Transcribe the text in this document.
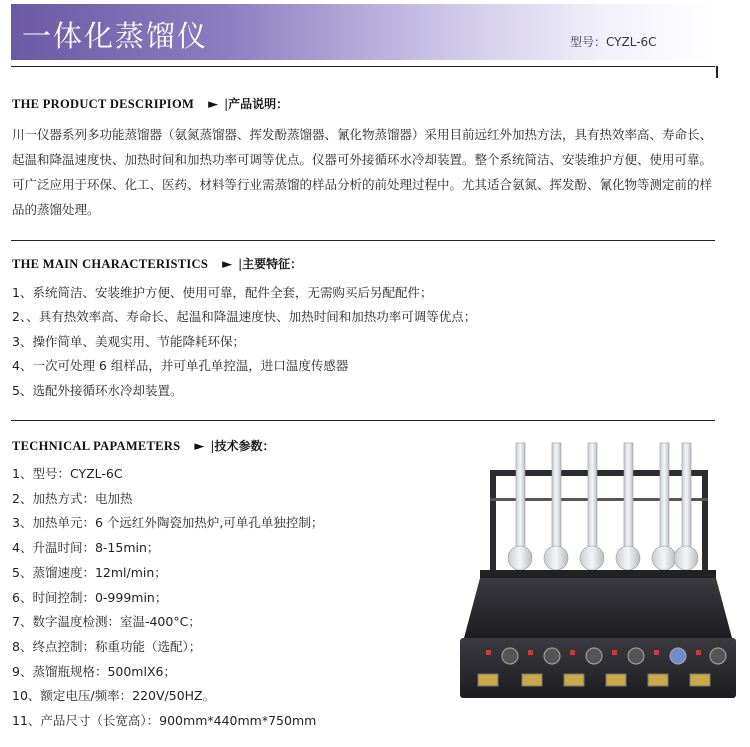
一体化蒸馏仪	型号：CYZL-6C
THE PRODUCT DESCRIPIOM ► |产品说明：
川一仪器系列多功能蒸馏器（氨氮蒸馏器、挥发酚蒸馏器、氰化物蒸馏器）采用目前远红外加热方法，具有热效率高、寿命长、起温和降温速度快、加热时间和加热功率可调等优点。仪器可外接循环水冷却装置。整个系统简洁、安装维护方便、使用可靠。可广泛应用于环保、化工、医药、材料等行业需蒸馏的样品分析的前处理过程中。尤其适合氨氮、挥发酚、氰化物等测定前的样品的蒸馏处理。
THE MAIN CHARACTERISTICS ► |主要特征：
1、系统简洁、安装维护方便、使用可靠，配件全套，无需购买后另配配件；
2、、具有热效率高、寿命长、起温和降温速度快、加热时间和加热功率可调等优点；
3、操作简单、美观实用、节能降耗环保；
4、一次可处理 6 组样品，并可单孔单控温，进口温度传感器
5、选配外接循环水冷却装置。
TECHNICAL PAPAMETERS ► |技术参数：
1、型号：CYZL-6C
2、加热方式：电加热
3、加热单元：6 个远红外陶瓷加热炉,可单孔单独控制；
4、升温时间：8-15min；
5、蒸馏速度：12ml/min；
6、时间控制：0-999min；
7、数字温度检测：室温-400°C；
8、终点控制：称重功能（选配）；
9、蒸馏瓶规格：500mlX6；
10、额定电压/频率：220V/50HZ。
11、产品尺寸（长宽高）：900mm*440mm*750mm
